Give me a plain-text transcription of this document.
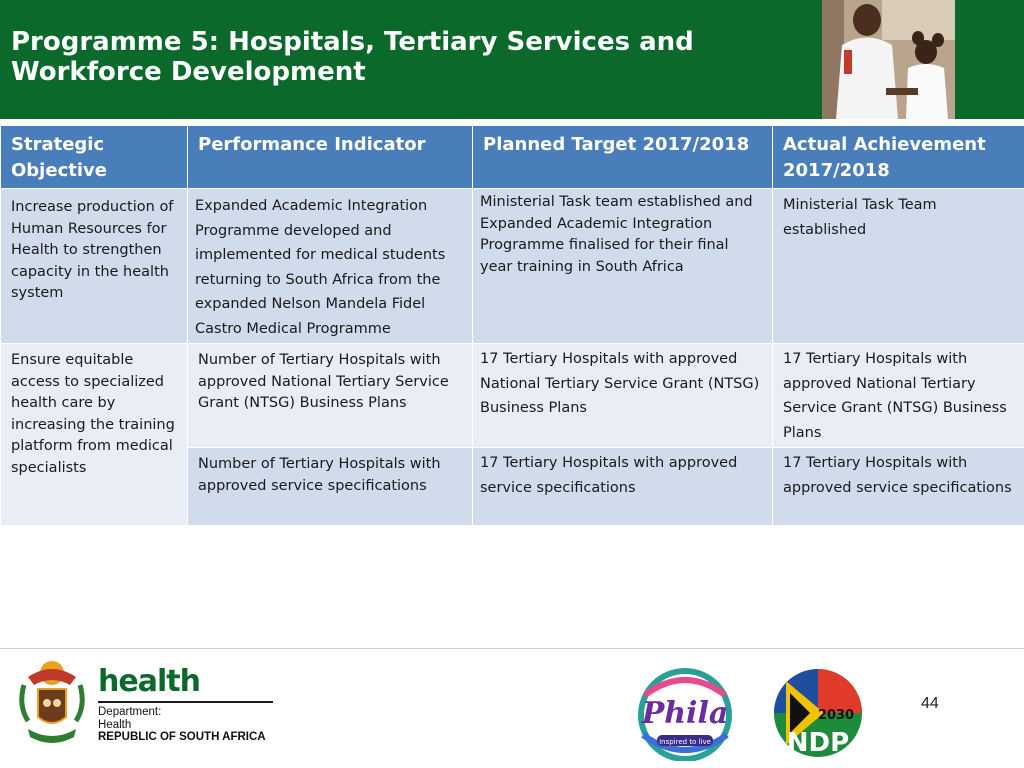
Programme 5: Hospitals, Tertiary Services and
Workforce Development
Strategic Objective	Performance Indicator	Planned Target 2017/2018	Actual Achievement 2017/2018
Increase production of Human Resources for Health to strengthen capacity in the health system	Expanded Academic Integration Programme developed and implemented for medical students returning to South Africa from the expanded Nelson Mandela Fidel Castro Medical Programme	Ministerial Task team established and Expanded Academic Integration Programme finalised for their final year training in South Africa	Ministerial Task Team established
Ensure equitable access to specialized health care by increasing the training platform from medical specialists	Number of Tertiary Hospitals with approved National Tertiary Service Grant (NTSG) Business Plans	17 Tertiary Hospitals with approved National Tertiary Service Grant (NTSG) Business Plans	17 Tertiary Hospitals with approved National Tertiary Service Grant (NTSG) Business Plans
	Number of Tertiary Hospitals with approved service specifications	17 Tertiary Hospitals with approved service specifications	17 Tertiary Hospitals with approved service specifications
health
Department:
Health
REPUBLIC OF SOUTH AFRICA
Phila
Inspired to live
2030
NDP
44
